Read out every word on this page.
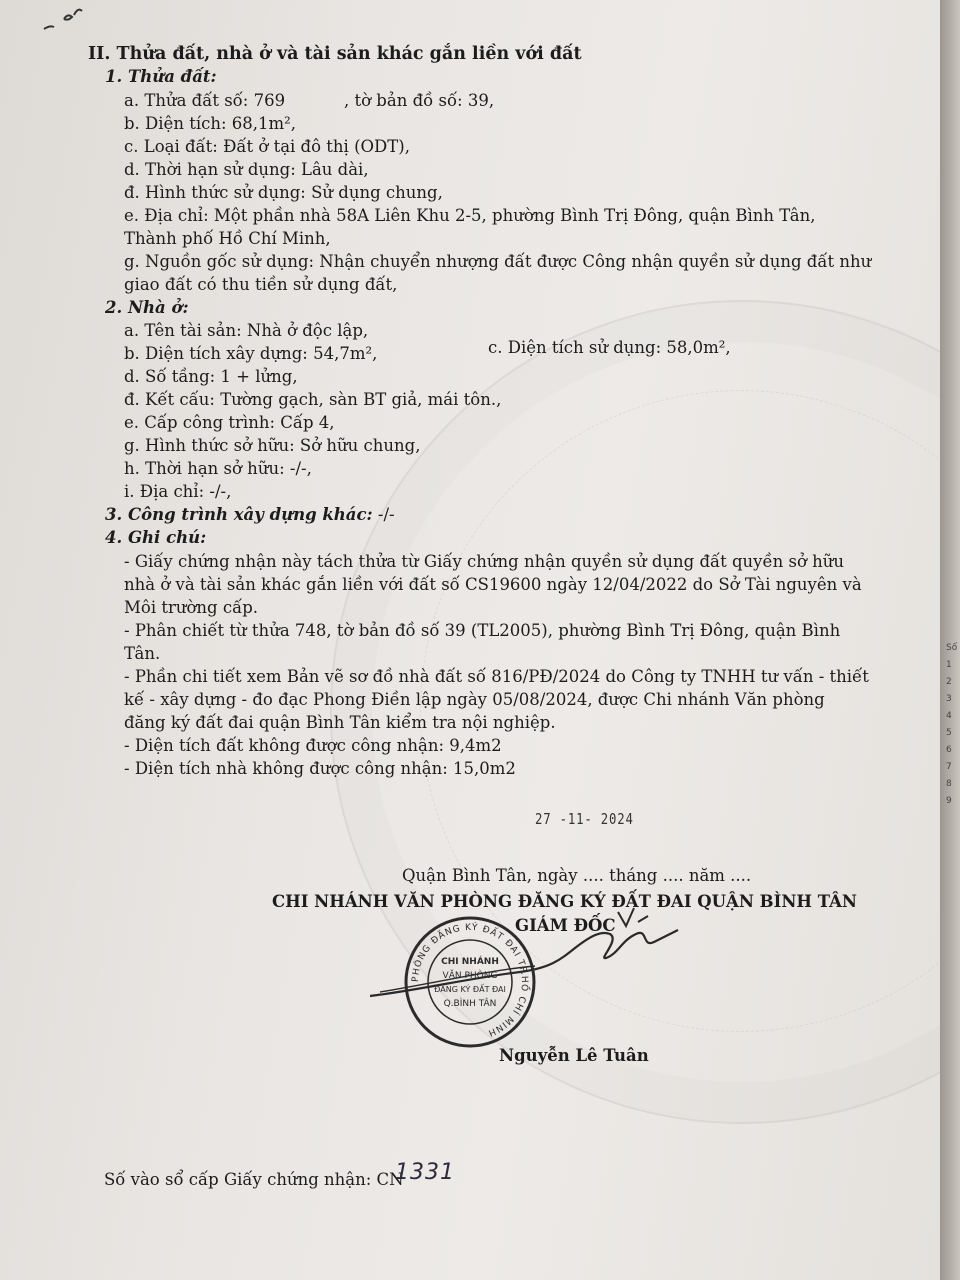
II. Thửa đất, nhà ở và tài sản khác gắn liền với đất
1. Thửa đất:
a. Thửa đất số: 769	, tờ bản đồ số: 39,
b. Diện tích: 68,1m²,
c. Loại đất: Đất ở tại đô thị (ODT),
d. Thời hạn sử dụng: Lâu dài,
đ. Hình thức sử dụng: Sử dụng chung,
e. Địa chỉ: Một phần nhà 58A Liên Khu 2-5, phường Bình Trị Đông, quận Bình Tân,
Thành phố Hồ Chí Minh,
g. Nguồn gốc sử dụng: Nhận chuyển nhượng đất được Công nhận quyền sử dụng đất như
giao đất có thu tiền sử dụng đất,
2. Nhà ở:
a. Tên tài sản: Nhà ở độc lập,
b. Diện tích xây dựng: 54,7m²,	c. Diện tích sử dụng: 58,0m²,
d. Số tầng: 1 + lửng,
đ. Kết cấu: Tường gạch, sàn BT giả, mái tôn.,
e. Cấp công trình: Cấp 4,
g. Hình thức sở hữu: Sở hữu chung,
h. Thời hạn sở hữu: -/-,
i. Địa chỉ: -/-,
3. Công trình xây dựng khác: -/-
4. Ghi chú:
- Giấy chứng nhận này tách thửa từ Giấy chứng nhận quyền sử dụng đất quyền sở hữu
nhà ở và tài sản khác gắn liền với đất số CS19600 ngày 12/04/2022 do Sở Tài nguyên và
Môi trường cấp.
- Phân chiết từ thửa 748, tờ bản đồ số 39 (TL2005), phường Bình Trị Đông, quận Bình
Tân.
- Phần chi tiết xem Bản vẽ sơ đồ nhà đất số 816/PĐ/2024 do Công ty TNHH tư vấn - thiết
kế - xây dựng - đo đạc Phong Điền lập ngày 05/08/2024, được Chi nhánh Văn phòng
đăng ký đất đai quận Bình Tân kiểm tra nội nghiệp.
- Diện tích đất không được công nhận: 9,4m2
- Diện tích nhà không được công nhận: 15,0m2
27 -11- 2024
Quận Bình Tân, ngày .... tháng .... năm ....
CHI NHÁNH VĂN PHÒNG ĐĂNG KÝ ĐẤT ĐAI QUẬN BÌNH TÂN
GIÁM ĐỐC
PHÒNG ĐĂNG KÝ ĐẤT ĐAI TP.HỒ CHÍ MINH
CHI NHÁNH
VĂN PHÒNG
ĐĂNG KÝ ĐẤT ĐAI
Q.BÌNH TÂN
Nguyễn Lê Tuân
Số vào sổ cấp Giấy chứng nhận: CN
1331
Số
1
2
3
4
5
6
7
8
9
